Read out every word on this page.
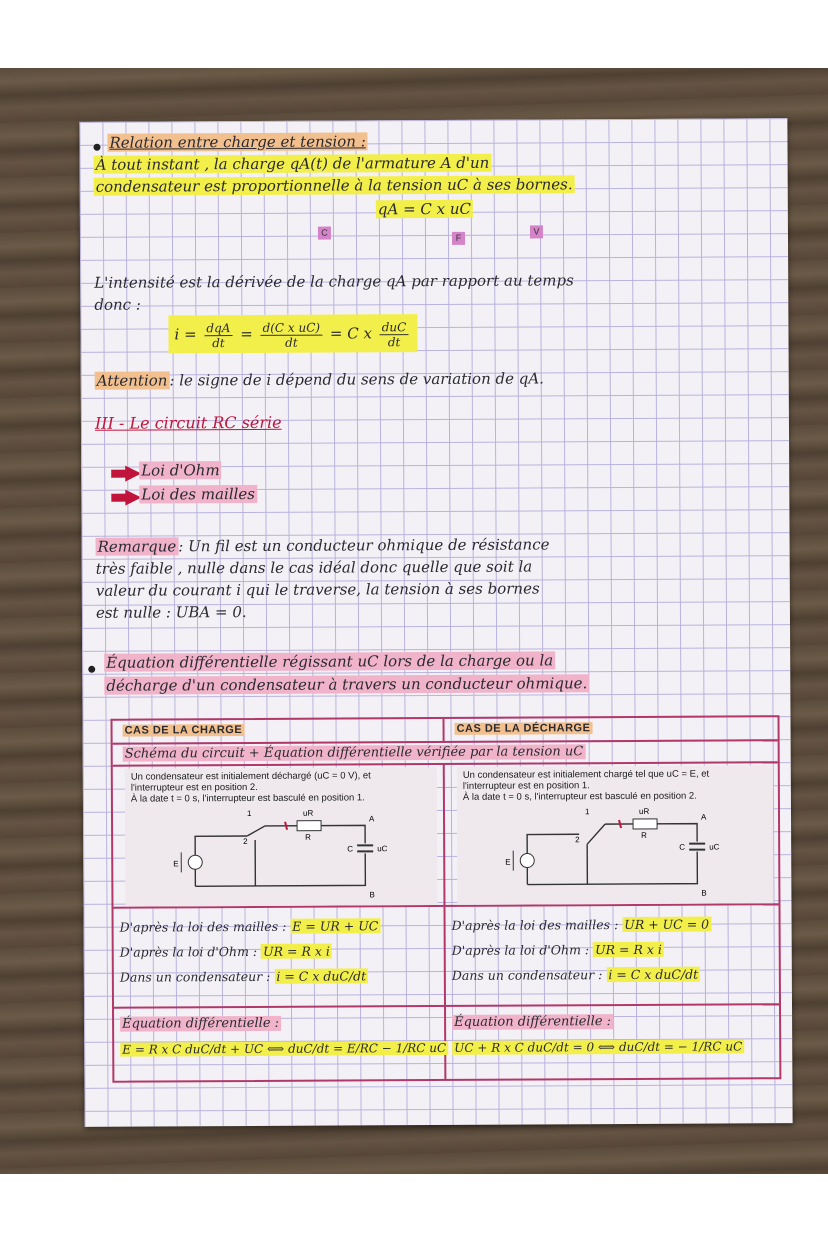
Relation entre charge et tension :
À tout instant , la charge qA(t) de l'armature A d'un
condensateur est proportionnelle à la tension uC à ses bornes.
qA = C x uC
C
F
V
L'intensité est la dérivée de la charge qA par rapport au temps
donc :
$i = \frac{\text{dqA}}{dt} = \frac{\text{d(C x uC)}}{dt} = C$ x $\frac{\text{duC}}{dt}$
Attention : le signe de i dépend du sens de variation de qA.
III - Le circuit RC série
Loi d'Ohm
Loi des mailles
Remarque : Un fil est un conducteur ohmique de résistance
très faible , nulle dans le cas idéal donc quelle que soit la
valeur du courant i qui le traverse, la tension à ses bornes
est nulle : UBA = 0.
Équation différentielle régissant uC lors de la charge ou la
décharge d'un condensateur à travers un conducteur ohmique.
CAS DE LA CHARGE	CAS DE LA DÉCHARGE
Schéma du circuit + Équation différentielle vérifiée par la tension uC
Un condensateur est initialement déchargé (uC = 0 V), et
l'interrupteur est en position 2.
À la date t = 0 s, l'interrupteur est basculé en position 1.
1
2
A
B
E
C
R
uR
uC
Un condensateur est initialement chargé tel que uC = E, et
l'interrupteur est en position 1.
À la date t = 0 s, l'interrupteur est basculé en position 2.
1
2
A
B
E
C
R
uR
uC
D'après la loi des mailles : E = UR + UC
D'après la loi d'Ohm : UR = R x i
Dans un condensateur : i = C x duC/dt
D'après la loi des mailles : UR + UC = 0
D'après la loi d'Ohm : UR = R x i
Dans un condensateur : i = C x duC/dt
Équation différentielle :
E = R x C duC/dt + UC ⟺ duC/dt = E/RC − 1/RC uC
Équation différentielle :
UC + R x C duC/dt = 0 ⟺ duC/dt = − 1/RC uC
